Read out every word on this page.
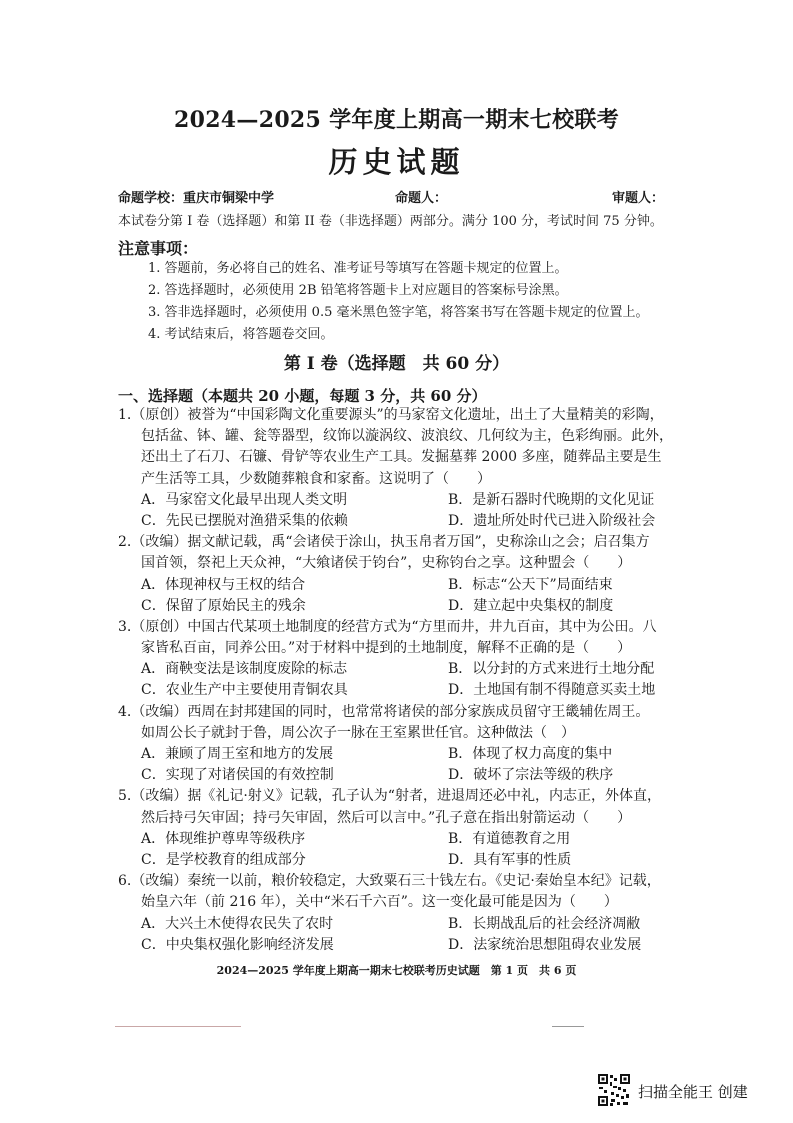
2024—2025 学年度上期高一期末七校联考
历史试题
命题学校：重庆市铜梁中学	命题人：	审题人：
本试卷分第 I 卷（选择题）和第 II 卷（非选择题）两部分。满分 100 分，考试时间 75 分钟。
注意事项：
1. 答题前，务必将自己的姓名、准考证号等填写在答题卡规定的位置上。
2. 答选择题时，必须使用 2B 铅笔将答题卡上对应题目的答案标号涂黑。
3. 答非选择题时，必须使用 0.5 毫米黑色签字笔，将答案书写在答题卡规定的位置上。
4. 考试结束后，将答题卷交回。
第 I 卷（选择题　共 60 分）
一、选择题（本题共 20 小题，每题 3 分，共 60 分）
1.（原创）被誉为“中国彩陶文化重要源头”的马家窑文化遗址，出土了大量精美的彩陶，
包括盆、钵、罐、瓮等器型，纹饰以漩涡纹、波浪纹、几何纹为主，色彩绚丽。此外，
还出土了石刀、石镰、骨铲等农业生产工具。发掘墓葬 2000 多座，随葬品主要是生
产生活等工具，少数随葬粮食和家畜。这说明了（　　）
A．马家窑文化最早出现人类文明	B．是新石器时代晚期的文化见证
C．先民已摆脱对渔猎采集的依赖	D．遗址所处时代已进入阶级社会
2.（改编）据文献记载，禹“会诸侯于涂山，执玉帛者万国”，史称涂山之会；启召集方
国首领，祭祀上天众神，“大飨诸侯于钧台”，史称钧台之享。这种盟会（　　）
A．体现神权与王权的结合	B．标志“公天下”局面结束
C．保留了原始民主的残余	D．建立起中央集权的制度
3.（原创）中国古代某项土地制度的经营方式为“方里而井，井九百亩，其中为公田。八
家皆私百亩，同养公田。”对于材料中提到的土地制度，解释不正确的是（　　）
A．商鞅变法是该制度废除的标志	B．以分封的方式来进行土地分配
C．农业生产中主要使用青铜农具	D．土地国有制不得随意买卖土地
4.（改编）西周在封邦建国的同时，也常常将诸侯的部分家族成员留守王畿辅佐周王。
如周公长子就封于鲁，周公次子一脉在王室累世任官。这种做法（　）
A．兼顾了周王室和地方的发展	B．体现了权力高度的集中
C．实现了对诸侯国的有效控制	D．破坏了宗法等级的秩序
5.（改编）据《礼记·射义》记载，孔子认为“射者，进退周还必中礼，内志正，外体直，
然后持弓矢审固；持弓矢审固，然后可以言中。”孔子意在指出射箭运动（　　）
A．体现维护尊卑等级秩序	B．有道德教育之用
C．是学校教育的组成部分	D．具有军事的性质
6.（改编）秦统一以前，粮价较稳定，大致粟石三十钱左右。《史记·秦始皇本纪》记载，
始皇六年（前 216 年），关中“米石千六百”。这一变化最可能是因为（　　）
A．大兴土木使得农民失了农时	B．长期战乱后的社会经济凋敝
C．中央集权强化影响经济发展	D．法家统治思想阻碍农业发展
2024—2025 学年度上期高一期末七校联考历史试题　第 1 页　共 6 页
扫描全能王 创建
